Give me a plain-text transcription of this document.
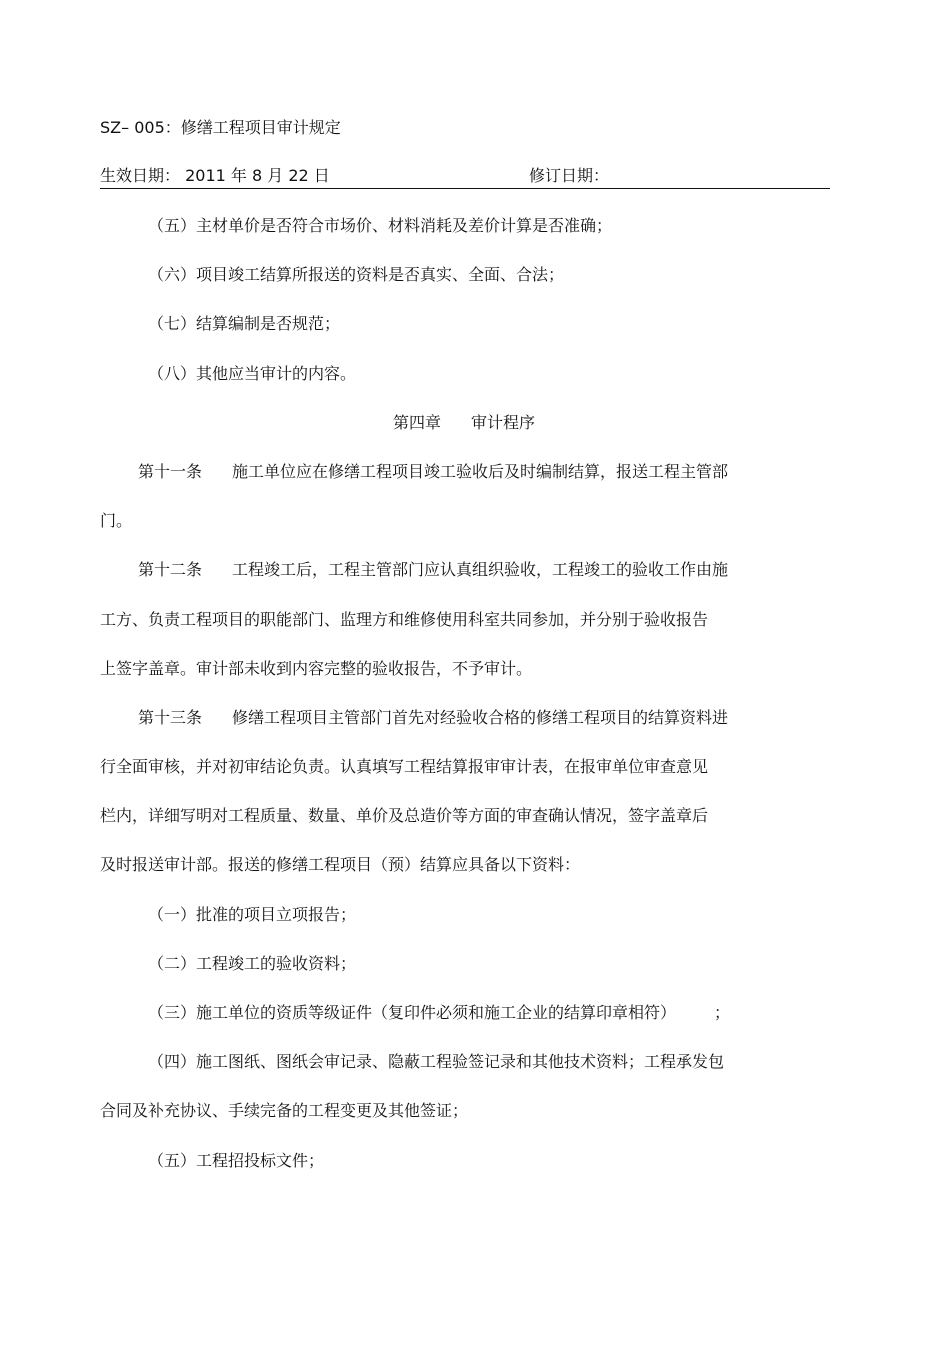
SZ– 005：修缮工程项目审计规定
生效日期： 2011 年 8 月 22 日	修订日期：
（五）主材单价是否符合市场价、材料消耗及差价计算是否准确；
（六）项目竣工结算所报送的资料是否真实、全面、合法；
（七）结算编制是否规范；
（八）其他应当审计的内容。
第四章 审计程序
第十一条 施工单位应在修缮工程项目竣工验收后及时编制结算，报送工程主管部
门。
第十二条 工程竣工后，工程主管部门应认真组织验收，工程竣工的验收工作由施
工方、负责工程项目的职能部门、监理方和维修使用科室共同参加，并分别于验收报告
上签字盖章。审计部未收到内容完整的验收报告，不予审计。
第十三条 修缮工程项目主管部门首先对经验收合格的修缮工程项目的结算资料进
行全面审核，并对初审结论负责。认真填写工程结算报审审计表，在报审单位审查意见
栏内，详细写明对工程质量、数量、单价及总造价等方面的审查确认情况，签字盖章后
及时报送审计部。报送的修缮工程项目（预）结算应具备以下资料：
（一）批准的项目立项报告；
（二）工程竣工的验收资料；
（三）施工单位的资质等级证件（复印件必须和施工企业的结算印章相符） ；
（四）施工图纸、图纸会审记录、隐蔽工程验签记录和其他技术资料；工程承发包
合同及补充协议、手续完备的工程变更及其他签证；
（五）工程招投标文件；
